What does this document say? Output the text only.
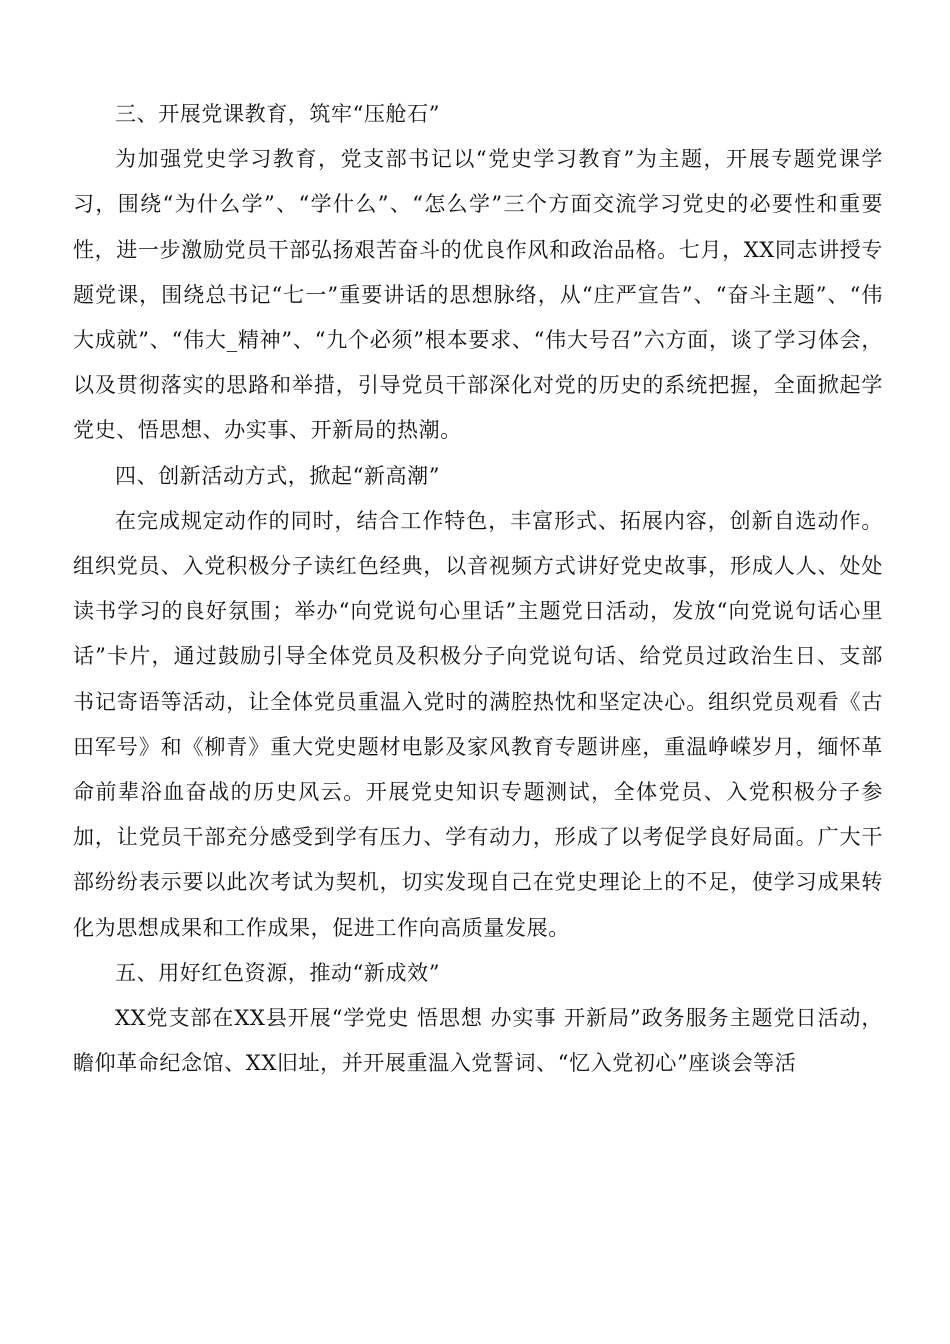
三、开展党课教育，筑牢“压舱石”

为加强党史学习教育，党支部书记以“党史学习教育”为主题，开展专题党课学习，围绕“为什么学”、“学什么”、“怎么学”三个方面交流学习党史的必要性和重要性，进一步激励党员干部弘扬艰苦奋斗的优良作风和政治品格。七月，XX同志讲授专题党课，围绕总书记“七一”重要讲话的思想脉络，从“庄严宣告”、“奋斗主题”、“伟大成就”、“伟大_精神”、“九个必须”根本要求、“伟大号召”六方面，谈了学习体会，以及贯彻落实的思路和举措，引导党员干部深化对党的历史的系统把握，全面掀起学党史、悟思想、办实事、开新局的热潮。

四、创新活动方式，掀起“新高潮”

在完成规定动作的同时，结合工作特色，丰富形式、拓展内容，创新自选动作。组织党员、入党积极分子读红色经典，以音视频方式讲好党史故事，形成人人、处处读书学习的良好氛围；举办“向党说句心里话”主题党日活动，发放“向党说句话心里话”卡片，通过鼓励引导全体党员及积极分子向党说句话、给党员过政治生日、支部书记寄语等活动，让全体党员重温入党时的满腔热忱和坚定决心。组织党员观看《古田军号》和《柳青》重大党史题材电影及家风教育专题讲座，重温峥嵘岁月，缅怀革命前辈浴血奋战的历史风云。开展党史知识专题测试，全体党员、入党积极分子参加，让党员干部充分感受到学有压力、学有动力，形成了以考促学良好局面。广大干部纷纷表示要以此次考试为契机，切实发现自己在党史理论上的不足，使学习成果转化为思想成果和工作成果，促进工作向高质量发展。

五、用好红色资源，推动“新成效”

XX党支部在XX县开展“学党史 悟思想 办实事 开新局”政务服务主题党日活动，瞻仰革命纪念馆、XX旧址，并开展重温入党誓词、“忆入党初心”座谈会等活
